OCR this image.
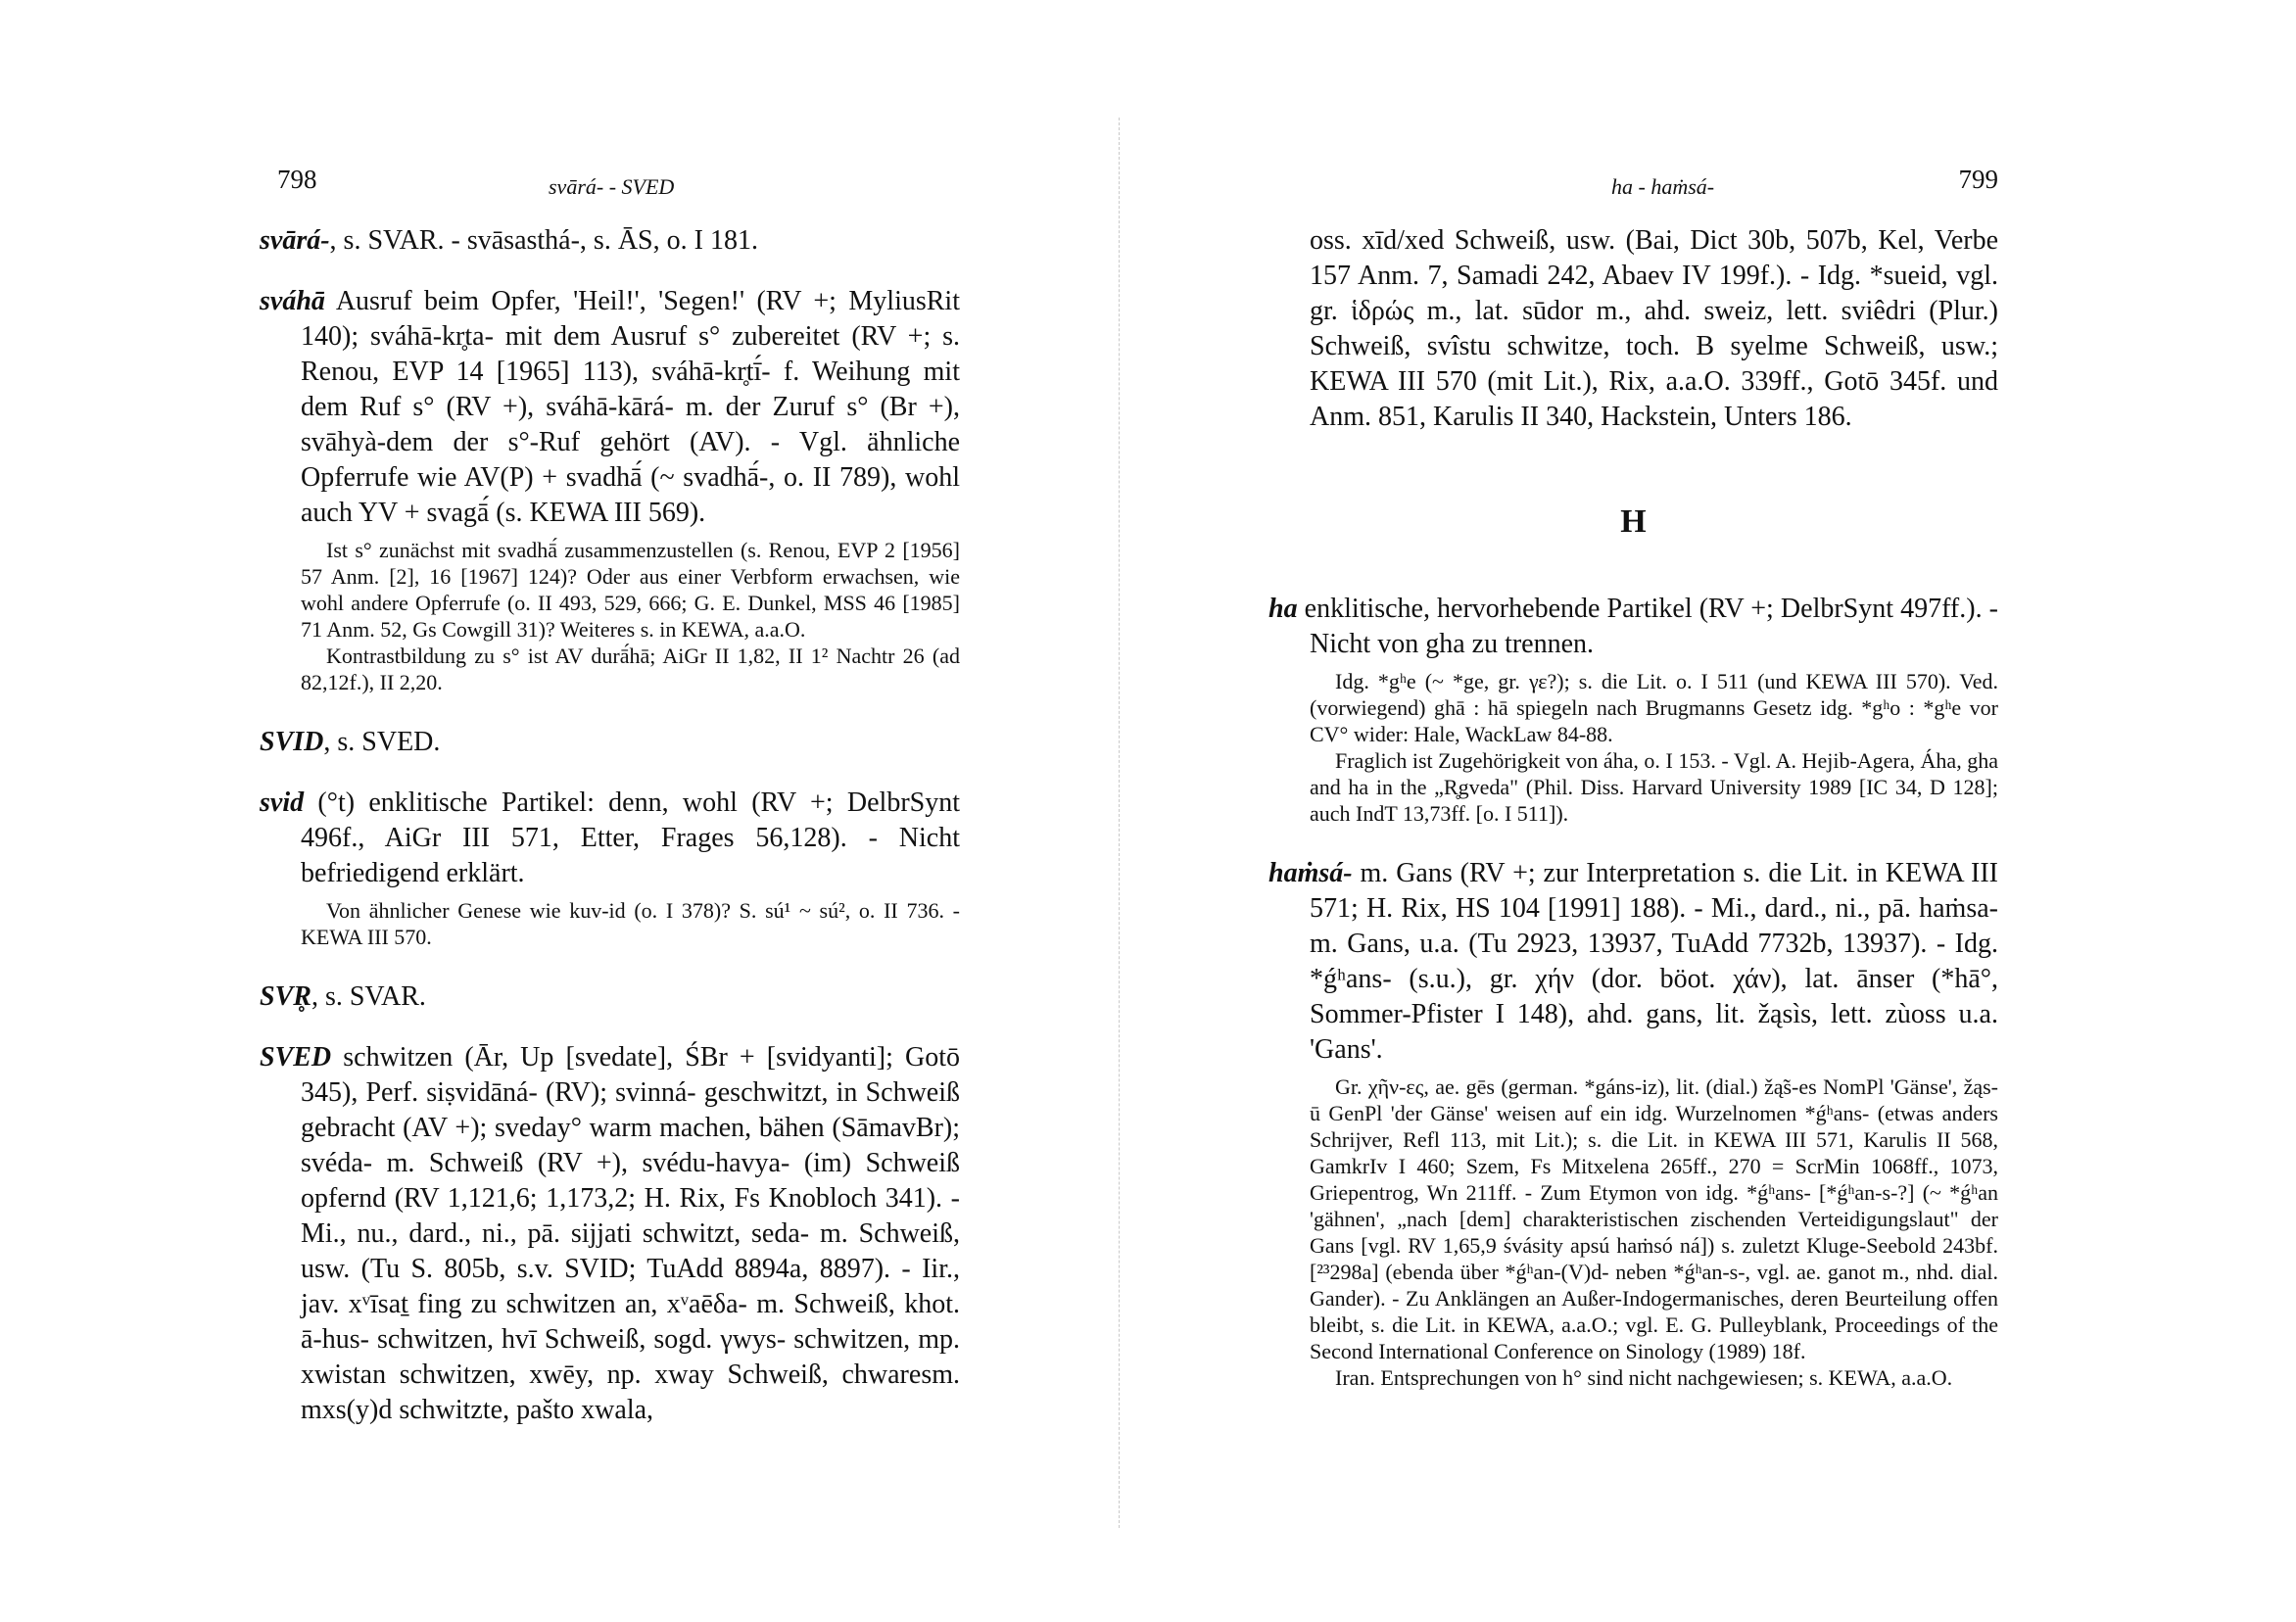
798	svārá- - SVED

svārá-, s. SVAR. - svāsasthá-, s. ĀS, o. I 181.

sváhā Ausruf beim Opfer, 'Heil!', 'Segen!' (RV +; MyliusRit 140); sváhā-kr̥ta- mit dem Ausruf s° zubereitet (RV +; s. Renou, EVP 14 [1965] 113), sváhā-kr̥tī́- f. Weihung mit dem Ruf s° (RV +), sváhā-kārá- m. der Zuruf s° (Br +), svāhyà-dem der s°-Ruf gehört (AV). - Vgl. ähnliche Opferrufe wie AV(P) + svadhā́ (~ svadhā́-, o. II 789), wohl auch YV + svagā́ (s. KEWA III 569).

Ist s° zunächst mit svadhā́ zusammenzustellen (s. Renou, EVP 2 [1956] 57 Anm. [2], 16 [1967] 124)? Oder aus einer Verbform erwachsen, wie wohl andere Opferrufe (o. II 493, 529, 666; G. E. Dunkel, MSS 46 [1985] 71 Anm. 52, Gs Cowgill 31)? Weiteres s. in KEWA, a.a.O.

Kontrastbildung zu s° ist AV durā́hā; AiGr II 1,82, II 1² Nachtr 26 (ad 82,12f.), II 2,20.

SVID, s. SVED.

svid (°t) enklitische Partikel: denn, wohl (RV +; DelbrSynt 496f., AiGr III 571, Etter, Frages 56,128). - Nicht befriedigend erklärt.

Von ähnlicher Genese wie kuv-id (o. I 378)? S. sú¹ ~ sú², o. II 736. - KEWA III 570.

SVR̥, s. SVAR.

SVED schwitzen (Ār, Up [svedate], ŚBr + [svidyanti]; Gotō 345), Perf. siṣvidāná- (RV); svinná- geschwitzt, in Schweiß gebracht (AV +); sveday° warm machen, bähen (SāmavBr); svéda- m. Schweiß (RV +), svédu-havya- (im) Schweiß opfernd (RV 1,121,6; 1,173,2; H. Rix, Fs Knobloch 341). - Mi., nu., dard., ni., pā. sijjati schwitzt, seda- m. Schweiß, usw. (Tu S. 805b, s.v. SVID; TuAdd 8894a, 8897). - Iir., jav. xᵛīsaṯ fing zu schwitzen an, xᵛaēδa- m. Schweiß, khot. ā-hus- schwitzen, hvī Schweiß, sogd. γwys- schwitzen, mp. xwistan schwitzen, xwēy, np. xway Schweiß, chwaresm. mxs(y)d schwitzte, pašto xwala,

ha - haṁsá-	799

oss. xīd/xed Schweiß, usw. (Bai, Dict 30b, 507b, Kel, Verbe 157 Anm. 7, Samadi 242, Abaev IV 199f.). - Idg. *sueid, vgl. gr. ἱδρώς m., lat. sūdor m., ahd. sweiz, lett. sviêdri (Plur.) Schweiß, svîstu schwitze, toch. B syelme Schweiß, usw.; KEWA III 570 (mit Lit.), Rix, a.a.O. 339ff., Gotō 345f. und Anm. 851, Karulis II 340, Hackstein, Unters 186.

H

ha enklitische, hervorhebende Partikel (RV +; DelbrSynt 497ff.). - Nicht von gha zu trennen.

Idg. *gʰe (~ *ge, gr. γε?); s. die Lit. o. I 511 (und KEWA III 570). Ved. (vorwiegend) ghā : hā spiegeln nach Brugmanns Gesetz idg. *gʰo : *gʰe vor CV° wider: Hale, WackLaw 84-88.

Fraglich ist Zugehörigkeit von áha, o. I 153. - Vgl. A. Hejib-Agera, Áha, gha and ha in the „R̥gveda" (Phil. Diss. Harvard University 1989 [IC 34, D 128]; auch IndT 13,73ff. [o. I 511]).

haṁsá- m. Gans (RV +; zur Interpretation s. die Lit. in KEWA III 571; H. Rix, HS 104 [1991] 188). - Mi., dard., ni., pā. haṁsa- m. Gans, u.a. (Tu 2923, 13937, TuAdd 7732b, 13937). - Idg. *ǵʰans- (s.u.), gr. χήν (dor. böot. χάν), lat. ānser (*hā°, Sommer-Pfister I 148), ahd. gans, lit. žąsìs, lett. zùoss u.a. 'Gans'.

Gr. χῆν-ες, ae. gēs (german. *gáns-iz), lit. (dial.) žą̃s-es NomPl 'Gänse', žąs-ū GenPl 'der Gänse' weisen auf ein idg. Wurzelnomen *ǵʰans- (etwas anders Schrijver, Refl 113, mit Lit.); s. die Lit. in KEWA III 571, Karulis II 568, GamkrIv I 460; Szem, Fs Mitxelena 265ff., 270 = ScrMin 1068ff., 1073, Griepentrog, Wn 211ff. - Zum Etymon von idg. *ǵʰans- [*ǵʰan-s-?] (~ *ǵʰan 'gähnen', „nach [dem] charakteristischen zischenden Verteidigungslaut" der Gans [vgl. RV 1,65,9 śvásity apsú haṁsó ná]) s. zuletzt Kluge-Seebold 243bf. [²³298a] (ebenda über *ǵʰan-(V)d- neben *ǵʰan-s-, vgl. ae. ganot m., nhd. dial. Gander). - Zu Anklängen an Außer-Indogermanisches, deren Beurteilung offen bleibt, s. die Lit. in KEWA, a.a.O.; vgl. E. G. Pulleyblank, Proceedings of the Second International Conference on Sinology (1989) 18f.

Iran. Entsprechungen von h° sind nicht nachgewiesen; s. KEWA, a.a.O.
